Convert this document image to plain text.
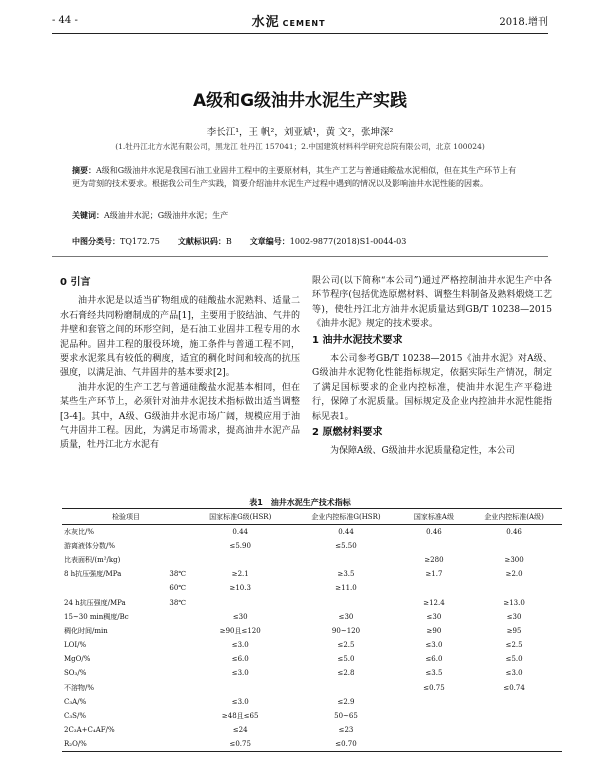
- 44 -	水泥 CEMENT	2018.增刊
A级和G级油井水泥生产实践
李长江¹，王 帆²，刘亚斌¹，黄 文²，张坤深²
(1.牡丹江北方水泥有限公司，黑龙江 牡丹江 157041；2.中国建筑材料科学研究总院有限公司，北京 100024)
摘要：A级和G级油井水泥是我国石油工业固井工程中的主要原材料，其生产工艺与普通硅酸盐水泥相似，但在其生产环节上有更为苛刻的技术要求。根据我公司生产实践，简要介绍油井水泥生产过程中遇到的情况以及影响油井水泥性能的因素。
关键词：A级油井水泥；G级油井水泥；生产
中图分类号：TQ172.75 文献标识码：B 文章编号：1002-9877(2018)S1-0044-03
0 引言

油井水泥是以适当矿物组成的硅酸盐水泥熟料、适量二水石膏经共同粉磨制成的产品[1]，主要用于胶结油、气井的井壁和套管之间的环形空间，是石油工业固井工程专用的水泥品种。固井工程的服役环境，施工条件与普通工程不同，要求水泥浆具有较低的稠度，适宜的稠化时间和较高的抗压强度，以满足油、气井固井的基本要求[2]。

油井水泥的生产工艺与普通硅酸盐水泥基本相同，但在某些生产环节上，必须针对油井水泥技术指标做出适当调整[3-4]。其中，A级、G级油井水泥市场广阔，规模应用于油气井固井工程。因此，为满足市场需求，提高油井水泥产品质量，牡丹江北方水泥有

限公司(以下简称“本公司”)通过严格控制油井水泥生产中各环节程序(包括优选原燃材料、调整生料制备及熟料煅烧工艺等)，使牡丹江北方油井水泥质量达到GB/T 10238—2015《油井水泥》规定的技术要求。

1 油井水泥技术要求

本公司参考GB/T 10238—2015《油井水泥》对A级、G级油井水泥物化性能指标规定，依据实际生产情况，制定了满足国标要求的企业内控标准，使油井水泥生产平稳进行，保障了水泥质量。国标规定及企业内控油井水泥性能指标见表1。

2 原燃材料要求

为保障A级、G级油井水泥质量稳定性，本公司

表1　油井水泥生产技术指标
检验项目		国家标准G级(HSR)	企业内控标准G(HSR)	国家标准A级	企业内控标准(A级)
水灰比/%		0.44	0.44	0.46	0.46
游离液体分数/%		≤5.90	≤5.50		
比表面积/(m²/kg)				≥280	≥300
8 h抗压强度/MPa	38℃	≥2.1	≥3.5	≥1.7	≥2.0
	60℃	≥10.3	≥11.0		
24 h抗压强度/MPa	38℃			≥12.4	≥13.0
15~30 min稠度/Bc		≤30	≤30	≤30	≤30
稠化时间/min		≥90且≤120	90~120	≥90	≥95
LOI/%		≤3.0	≤2.5	≤3.0	≤2.5
MgO/%		≤6.0	≤5.0	≤6.0	≤5.0
SO₃/%		≤3.0	≤2.8	≤3.5	≤3.0
不溶物/%				≤0.75	≤0.74
C₃A/%		≤3.0	≤2.9		
C₃S/%		≥48且≤65	50~65		
2C₃A+C₄AF/%		≤24	≤23		
R₂O/%		≤0.75	≤0.70		
